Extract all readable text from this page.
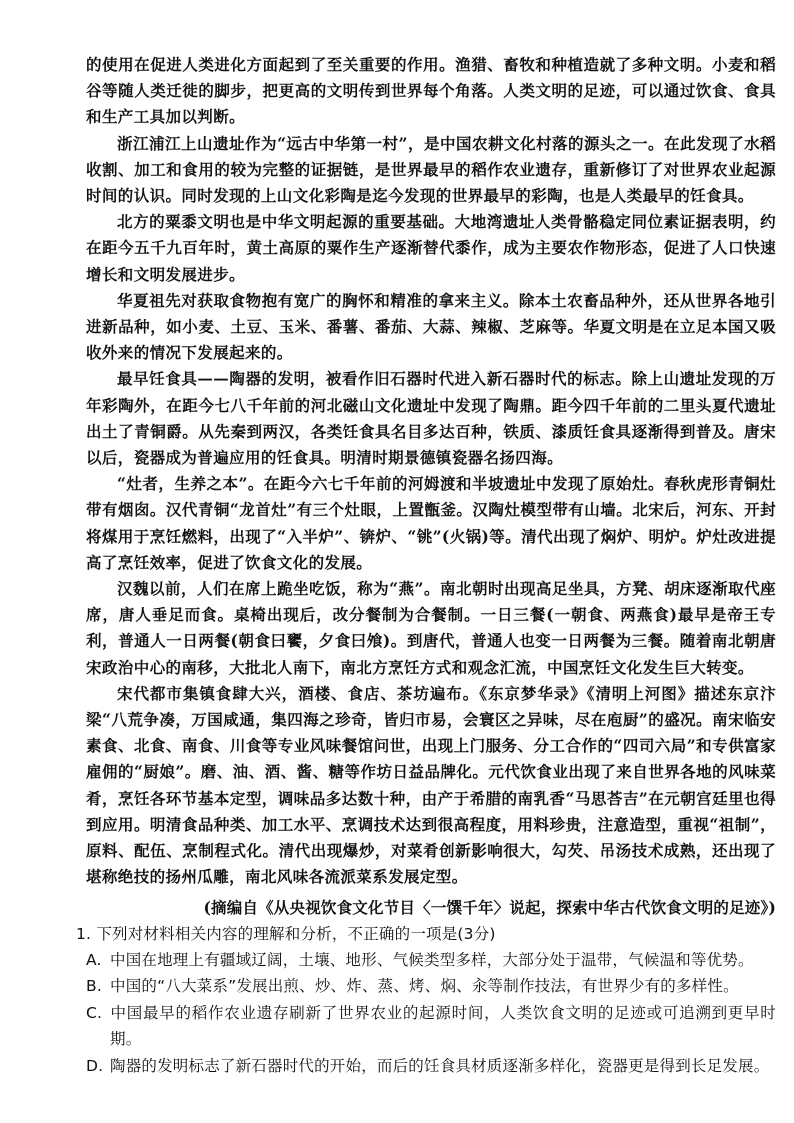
的使用在促进人类进化方面起到了至关重要的作用。渔猎、畜牧和种植造就了多种文明。小麦和稻谷等随人类迁徙的脚步，把更高的文明传到世界每个角落。人类文明的足迹，可以通过饮食、食具和生产工具加以判断。

浙江浦江上山遗址作为“远古中华第一村”，是中国农耕文化村落的源头之一。在此发现了水稻收割、加工和食用的较为完整的证据链，是世界最早的稻作农业遗存，重新修订了对世界农业起源时间的认识。同时发现的上山文化彩陶是迄今发现的世界最早的彩陶，也是人类最早的饪食具。

北方的粟黍文明也是中华文明起源的重要基础。大地湾遗址人类骨骼稳定同位素证据表明，约在距今五千九百年时，黄土高原的粟作生产逐渐替代黍作，成为主要农作物形态，促进了人口快速增长和文明发展进步。

华夏祖先对获取食物抱有宽广的胸怀和精准的拿来主义。除本土农畜品种外，还从世界各地引进新品种，如小麦、土豆、玉米、番薯、番茄、大蒜、辣椒、芝麻等。华夏文明是在立足本国又吸收外来的情况下发展起来的。

最早饪食具——陶器的发明，被看作旧石器时代进入新石器时代的标志。除上山遗址发现的万年彩陶外，在距今七八千年前的河北磁山文化遗址中发现了陶鼎。距今四千年前的二里头夏代遗址出土了青铜爵。从先秦到两汉，各类饪食具名目多达百种，铁质、漆质饪食具逐渐得到普及。唐宋以后，瓷器成为普遍应用的饪食具。明清时期景德镇瓷器名扬四海。

“灶者，生养之本”。在距今六七千年前的河姆渡和半坡遗址中发现了原始灶。春秋虎形青铜灶带有烟囱。汉代青铜“龙首灶”有三个灶眼，上置甑釜。汉陶灶模型带有山墙。北宋后，河东、开封将煤用于烹饪燃料，出现了“入半炉”、锛炉、“铫”(火锅)等。清代出现了焖炉、明炉。炉灶改进提高了烹饪效率，促进了饮食文化的发展。

汉魏以前，人们在席上跪坐吃饭，称为“燕”。南北朝时出现高足坐具，方凳、胡床逐渐取代座席，唐人垂足而食。桌椅出现后，改分餐制为合餐制。一日三餐(一朝食、两燕食)最早是帝王专利，普通人一日两餐(朝食曰饔，夕食曰飧)。到唐代，普通人也变一日两餐为三餐。随着南北朝唐宋政治中心的南移，大批北人南下，南北方烹饪方式和观念汇流，中国烹饪文化发生巨大转变。

宋代都市集镇食肆大兴，酒楼、食店、茶坊遍布。《东京梦华录》《清明上河图》描述东京汴梁“八荒争凑，万国咸通，集四海之珍奇，皆归市易，会寰区之异味，尽在庖厨”的盛况。南宋临安素食、北食、南食、川食等专业风味餐馆问世，出现上门服务、分工合作的“四司六局”和专供富家雇佣的“厨娘”。磨、油、酒、酱、糖等作坊日益品牌化。元代饮食业出现了来自世界各地的风味菜肴，烹饪各环节基本定型，调味品多达数十种，由产于希腊的南乳香“马思荅吉”在元朝宫廷里也得到应用。明清食品种类、加工水平、烹调技术达到很高程度，用料珍贵，注意造型，重视“祖制”，原料、配伍、烹制程式化。清代出现爆炒，对菜肴创新影响很大，勾芡、吊汤技术成熟，还出现了堪称绝技的扬州瓜雕，南北风味各流派菜系发展定型。

(摘编自《从央视饮食文化节目〈一馔千年〉说起，探索中华古代饮食文明的足迹》)

1. 下列对材料相关内容的理解和分析，不正确的一项是(3分)

A. 中国在地理上有疆域辽阔，土壤、地形、气候类型多样，大部分处于温带，气候温和等优势。
B. 中国的“八大菜系”发展出煎、炒、炸、蒸、烤、焖、汆等制作技法，有世界少有的多样性。
C. 中国最早的稻作农业遗存刷新了世界农业的起源时间，人类饮食文明的足迹或可追溯到更早时期。
D. 陶器的发明标志了新石器时代的开始，而后的饪食具材质逐渐多样化，瓷器更是得到长足发展。
